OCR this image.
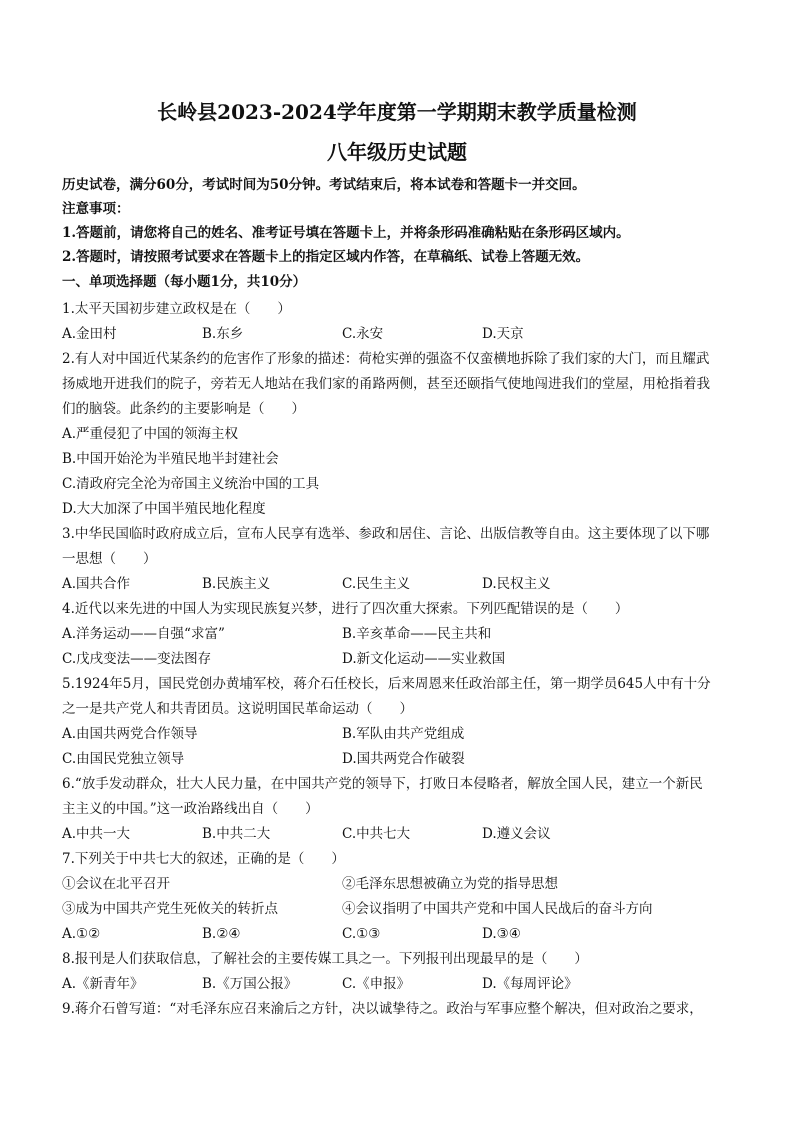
长岭县2023-2024学年度第一学期期末教学质量检测
八年级历史试题
历史试卷，满分60分，考试时间为50分钟。考试结束后，将本试卷和答题卡一并交回。
注意事项：
1.答题前，请您将自己的姓名、准考证号填在答题卡上，并将条形码准确粘贴在条形码区域内。
2.答题时，请按照考试要求在答题卡上的指定区域内作答，在草稿纸、试卷上答题无效。
一、单项选择题（每小题1分，共10分）
1.太平天国初步建立政权是在（　　）
A.金田村	B.东乡	C.永安	D.天京
2.有人对中国近代某条约的危害作了形象的描述：荷枪实弹的强盗不仅蛮横地拆除了我们家的大门，而且耀武
扬威地开进我们的院子，旁若无人地站在我们家的甬路两侧，甚至还颐指气使地闯进我们的堂屋，用枪指着我
们的脑袋。此条约的主要影响是（　　）
A.严重侵犯了中国的领海主权
B.中国开始沦为半殖民地半封建社会
C.清政府完全沦为帝国主义统治中国的工具
D.大大加深了中国半殖民地化程度
3.中华民国临时政府成立后，宣布人民享有选举、参政和居住、言论、出版信教等自由。这主要体现了以下哪
一思想（　　）
A.国共合作	B.民族主义	C.民生主义	D.民权主义
4.近代以来先进的中国人为实现民族复兴梦，进行了四次重大探索。下列匹配错误的是（　　）
A.洋务运动——自强“求富”	B.辛亥革命——民主共和
C.戊戌变法——变法图存	D.新文化运动——实业救国
5.1924年5月，国民党创办黄埔军校，蒋介石任校长，后来周恩来任政治部主任，第一期学员645人中有十分
之一是共产党人和共青团员。这说明国民革命运动（　　）
A.由国共两党合作领导	B.军队由共产党组成
C.由国民党独立领导	D.国共两党合作破裂
6.“放手发动群众，壮大人民力量，在中国共产党的领导下，打败日本侵略者，解放全国人民，建立一个新民
主主义的中国。”这一政治路线出自（　　）
A.中共一大	B.中共二大	C.中共七大	D.遵义会议
7.下列关于中共七大的叙述，正确的是（　　）
①会议在北平召开	②毛泽东思想被确立为党的指导思想
③成为中国共产党生死攸关的转折点	④会议指明了中国共产党和中国人民战后的奋斗方向
A.①②	B.②④	C.①③	D.③④
8.报刊是人们获取信息，了解社会的主要传媒工具之一。下列报刊出现最早的是（　　）
A.《新青年》	B.《万国公报》	C.《申报》	D.《每周评论》
9.蒋介石曾写道：“对毛泽东应召来渝后之方针，决以诚挚待之。政治与军事应整个解决，但对政治之要求，
